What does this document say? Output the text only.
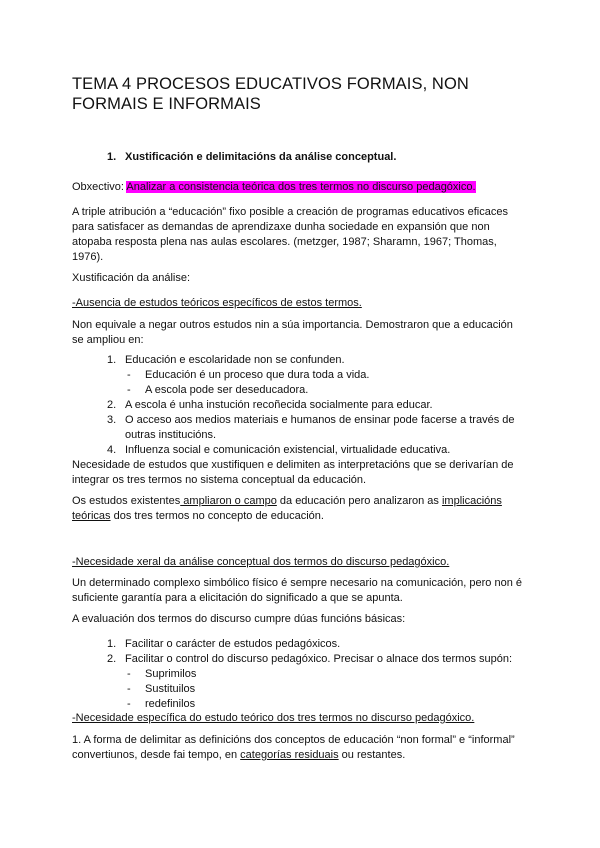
TEMA 4 PROCESOS EDUCATIVOS FORMAIS, NON
FORMAIS E INFORMAIS
1. Xustificación e delimitacións da análise conceptual.
Obxectivo: Analizar a consistencia teórica dos tres termos no discurso pedagóxico.
A triple atribución a “educación” fixo posible a creación de programas educativos eficaces
para satisfacer as demandas de aprendizaxe dunha sociedade en expansión que non
atopaba resposta plena nas aulas escolares. (metzger, 1987; Sharamn, 1967; Thomas,
1976).
Xustificación da análise:
-Ausencia de estudos teóricos específicos de estos termos.
Non equivale a negar outros estudos nin a súa importancia. Demostraron que a educación
se ampliou en:
1. Educación e escolaridade non se confunden.
- Educación é un proceso que dura toda a vida.
- A escola pode ser deseducadora.
2. A escola é unha instución recoñecida socialmente para educar.
3. O acceso aos medios materiais e humanos de ensinar pode facerse a través de
outras institucións.
4. Influenza social e comunicación existencial, virtualidade educativa.
Necesidade de estudos que xustifiquen e delimiten as interpretacións que se derivarían de
integrar os tres termos no sistema conceptual da educación.
Os estudos existentes ampliaron o campo da educación pero analizaron as implicacións
teóricas dos tres termos no concepto de educación.
-Necesidade xeral da análise conceptual dos termos do discurso pedagóxico.
Un determinado complexo simbólico físico é sempre necesario na comunicación, pero non é
suficiente garantía para a elicitación do significado a que se apunta.
A evaluación dos termos do discurso cumpre dúas funcións básicas:
1. Facilitar o carácter de estudos pedagóxicos.
2. Facilitar o control do discurso pedagóxico. Precisar o alnace dos termos supón:
- Suprimilos
- Sustituilos
- redefinilos
-Necesidade específica do estudo teórico dos tres termos no discurso pedagóxico.
1. A forma de delimitar as definicións dos conceptos de educación “non formal” e “informal”
convertiunos, desde fai tempo, en categorías residuais ou restantes.
